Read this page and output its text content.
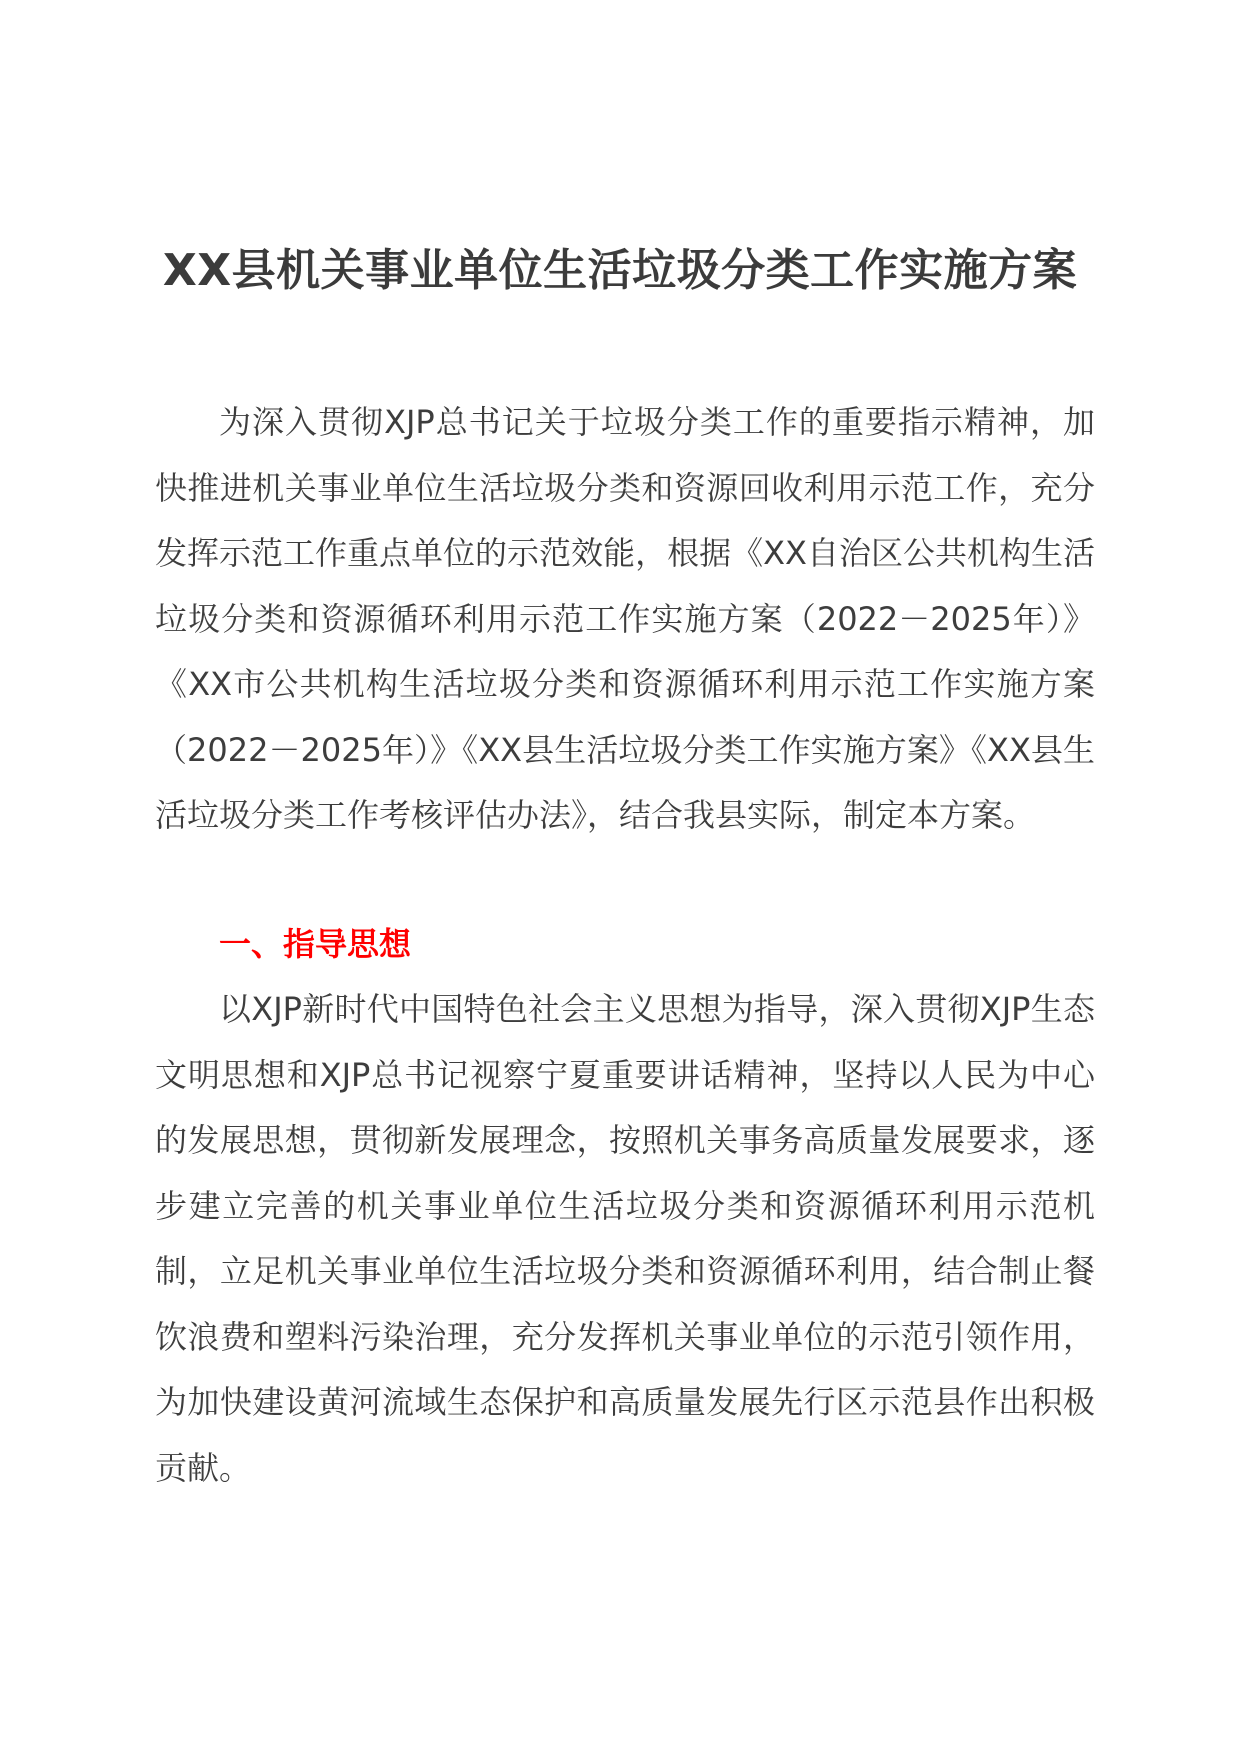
XX县机关事业单位生活垃圾分类工作实施方案

为深入贯彻XJP总书记关于垃圾分类工作的重要指示精神，加快推进机关事业单位生活垃圾分类和资源回收利用示范工作，充分发挥示范工作重点单位的示范效能，根据《XX自治区公共机构生活垃圾分类和资源循环利用示范工作实施方案（2022－2025年）》《XX市公共机构生活垃圾分类和资源循环利用示范工作实施方案（2022－2025年）》《XX县生活垃圾分类工作实施方案》《XX县生活垃圾分类工作考核评估办法》，结合我县实际，制定本方案。

一、指导思想

以XJP新时代中国特色社会主义思想为指导，深入贯彻XJP生态文明思想和XJP总书记视察宁夏重要讲话精神，坚持以人民为中心的发展思想，贯彻新发展理念，按照机关事务高质量发展要求，逐步建立完善的机关事业单位生活垃圾分类和资源循环利用示范机制，立足机关事业单位生活垃圾分类和资源循环利用，结合制止餐饮浪费和塑料污染治理，充分发挥机关事业单位的示范引领作用，为加快建设黄河流域生态保护和高质量发展先行区示范县作出积极贡献。
